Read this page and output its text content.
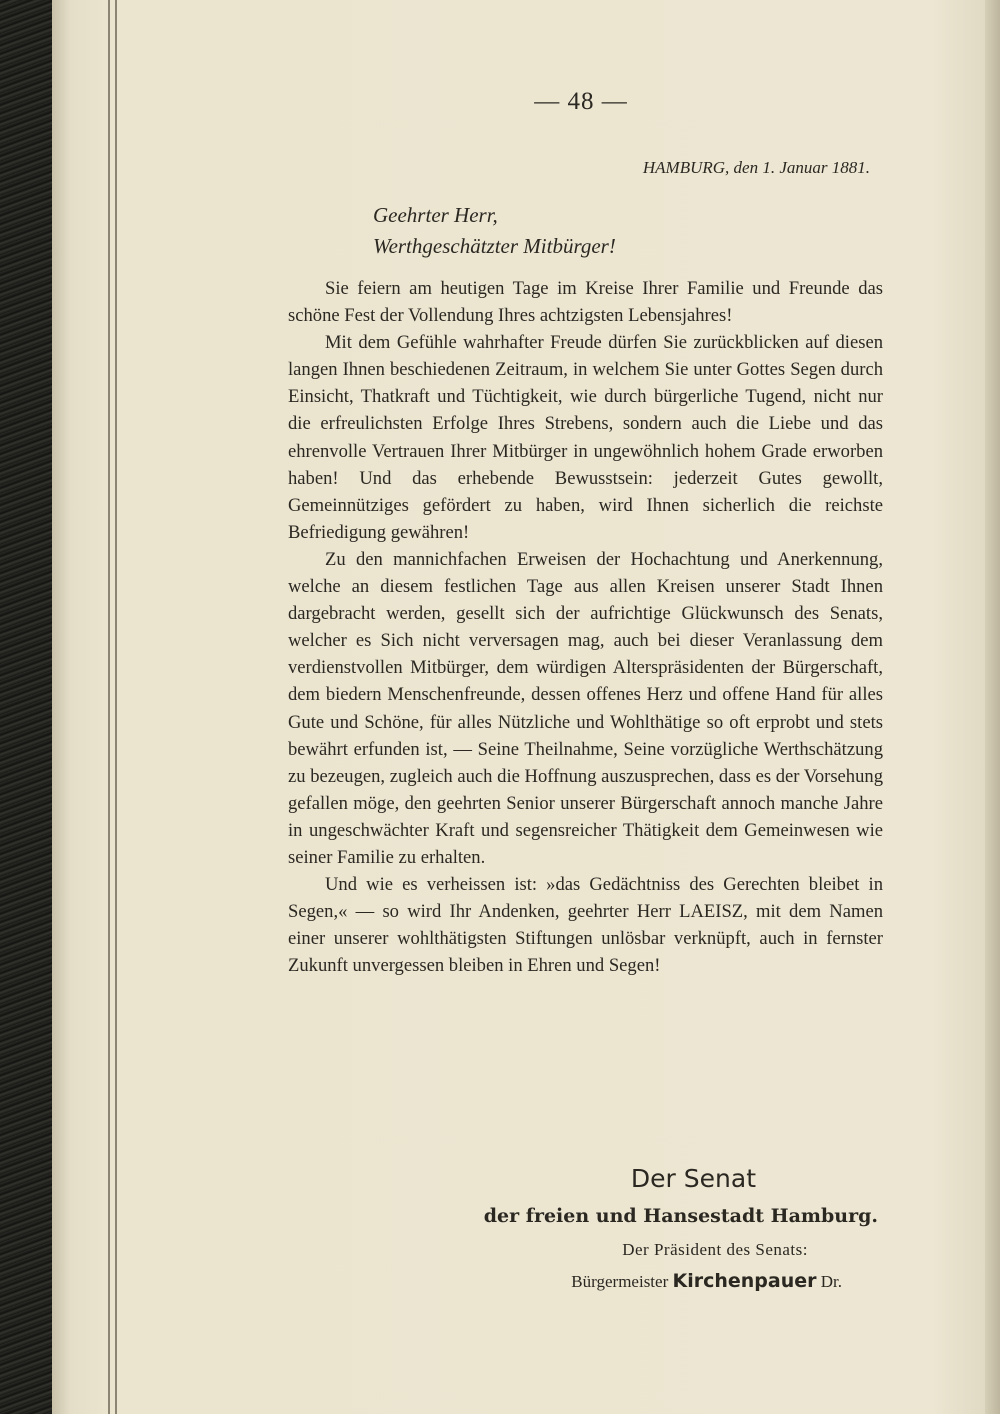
— 48 —
HAMBURG, den 1. Januar 1881.
Geehrter Herr,
Werthgeschätzter Mitbürger!

Sie feiern am heutigen Tage im Kreise Ihrer Familie und Freunde das schöne Fest der Vollendung Ihres achtzigsten Lebensjahres!

Mit dem Gefühle wahrhafter Freude dürfen Sie zurückblicken auf diesen langen Ihnen beschiedenen Zeitraum, in welchem Sie unter Gottes Segen durch Einsicht, Thatkraft und Tüchtigkeit, wie durch bürgerliche Tugend, nicht nur die erfreulichsten Erfolge Ihres Strebens, sondern auch die Liebe und das ehrenvolle Vertrauen Ihrer Mitbürger in ungewöhnlich hohem Grade erworben haben! Und das erhebende Bewusstsein: jederzeit Gutes gewollt, Gemeinnütziges gefördert zu haben, wird Ihnen sicherlich die reichste Befriedigung gewähren!

Zu den mannichfachen Erweisen der Hochachtung und Anerkennung, welche an diesem festlichen Tage aus allen Kreisen unserer Stadt Ihnen dargebracht werden, gesellt sich der aufrichtige Glückwunsch des Senats, welcher es Sich nicht verversagen mag, auch bei dieser Veranlassung dem verdienstvollen Mitbürger, dem würdigen Alterspräsidenten der Bürgerschaft, dem biedern Menschenfreunde, dessen offenes Herz und offene Hand für alles Gute und Schöne, für alles Nützliche und Wohlthätige so oft erprobt und stets bewährt erfunden ist, — Seine Theilnahme, Seine vorzügliche Werthschätzung zu bezeugen, zugleich auch die Hoffnung auszusprechen, dass es der Vorsehung gefallen möge, den geehrten Senior unserer Bürgerschaft annoch manche Jahre in ungeschwächter Kraft und segensreicher Thätigkeit dem Gemeinwesen wie seiner Familie zu erhalten.

Und wie es verheissen ist: »das Gedächtniss des Gerechten bleibet in Segen,« — so wird Ihr Andenken, geehrter Herr LAEISZ, mit dem Namen einer unserer wohlthätigsten Stiftungen unlösbar verknüpft, auch in fernster Zukunft unvergessen bleiben in Ehren und Segen!

Der Senat
der freien und Hansestadt Hamburg.
Der Präsident des Senats:
Bürgermeister Kirchenpauer Dr.
